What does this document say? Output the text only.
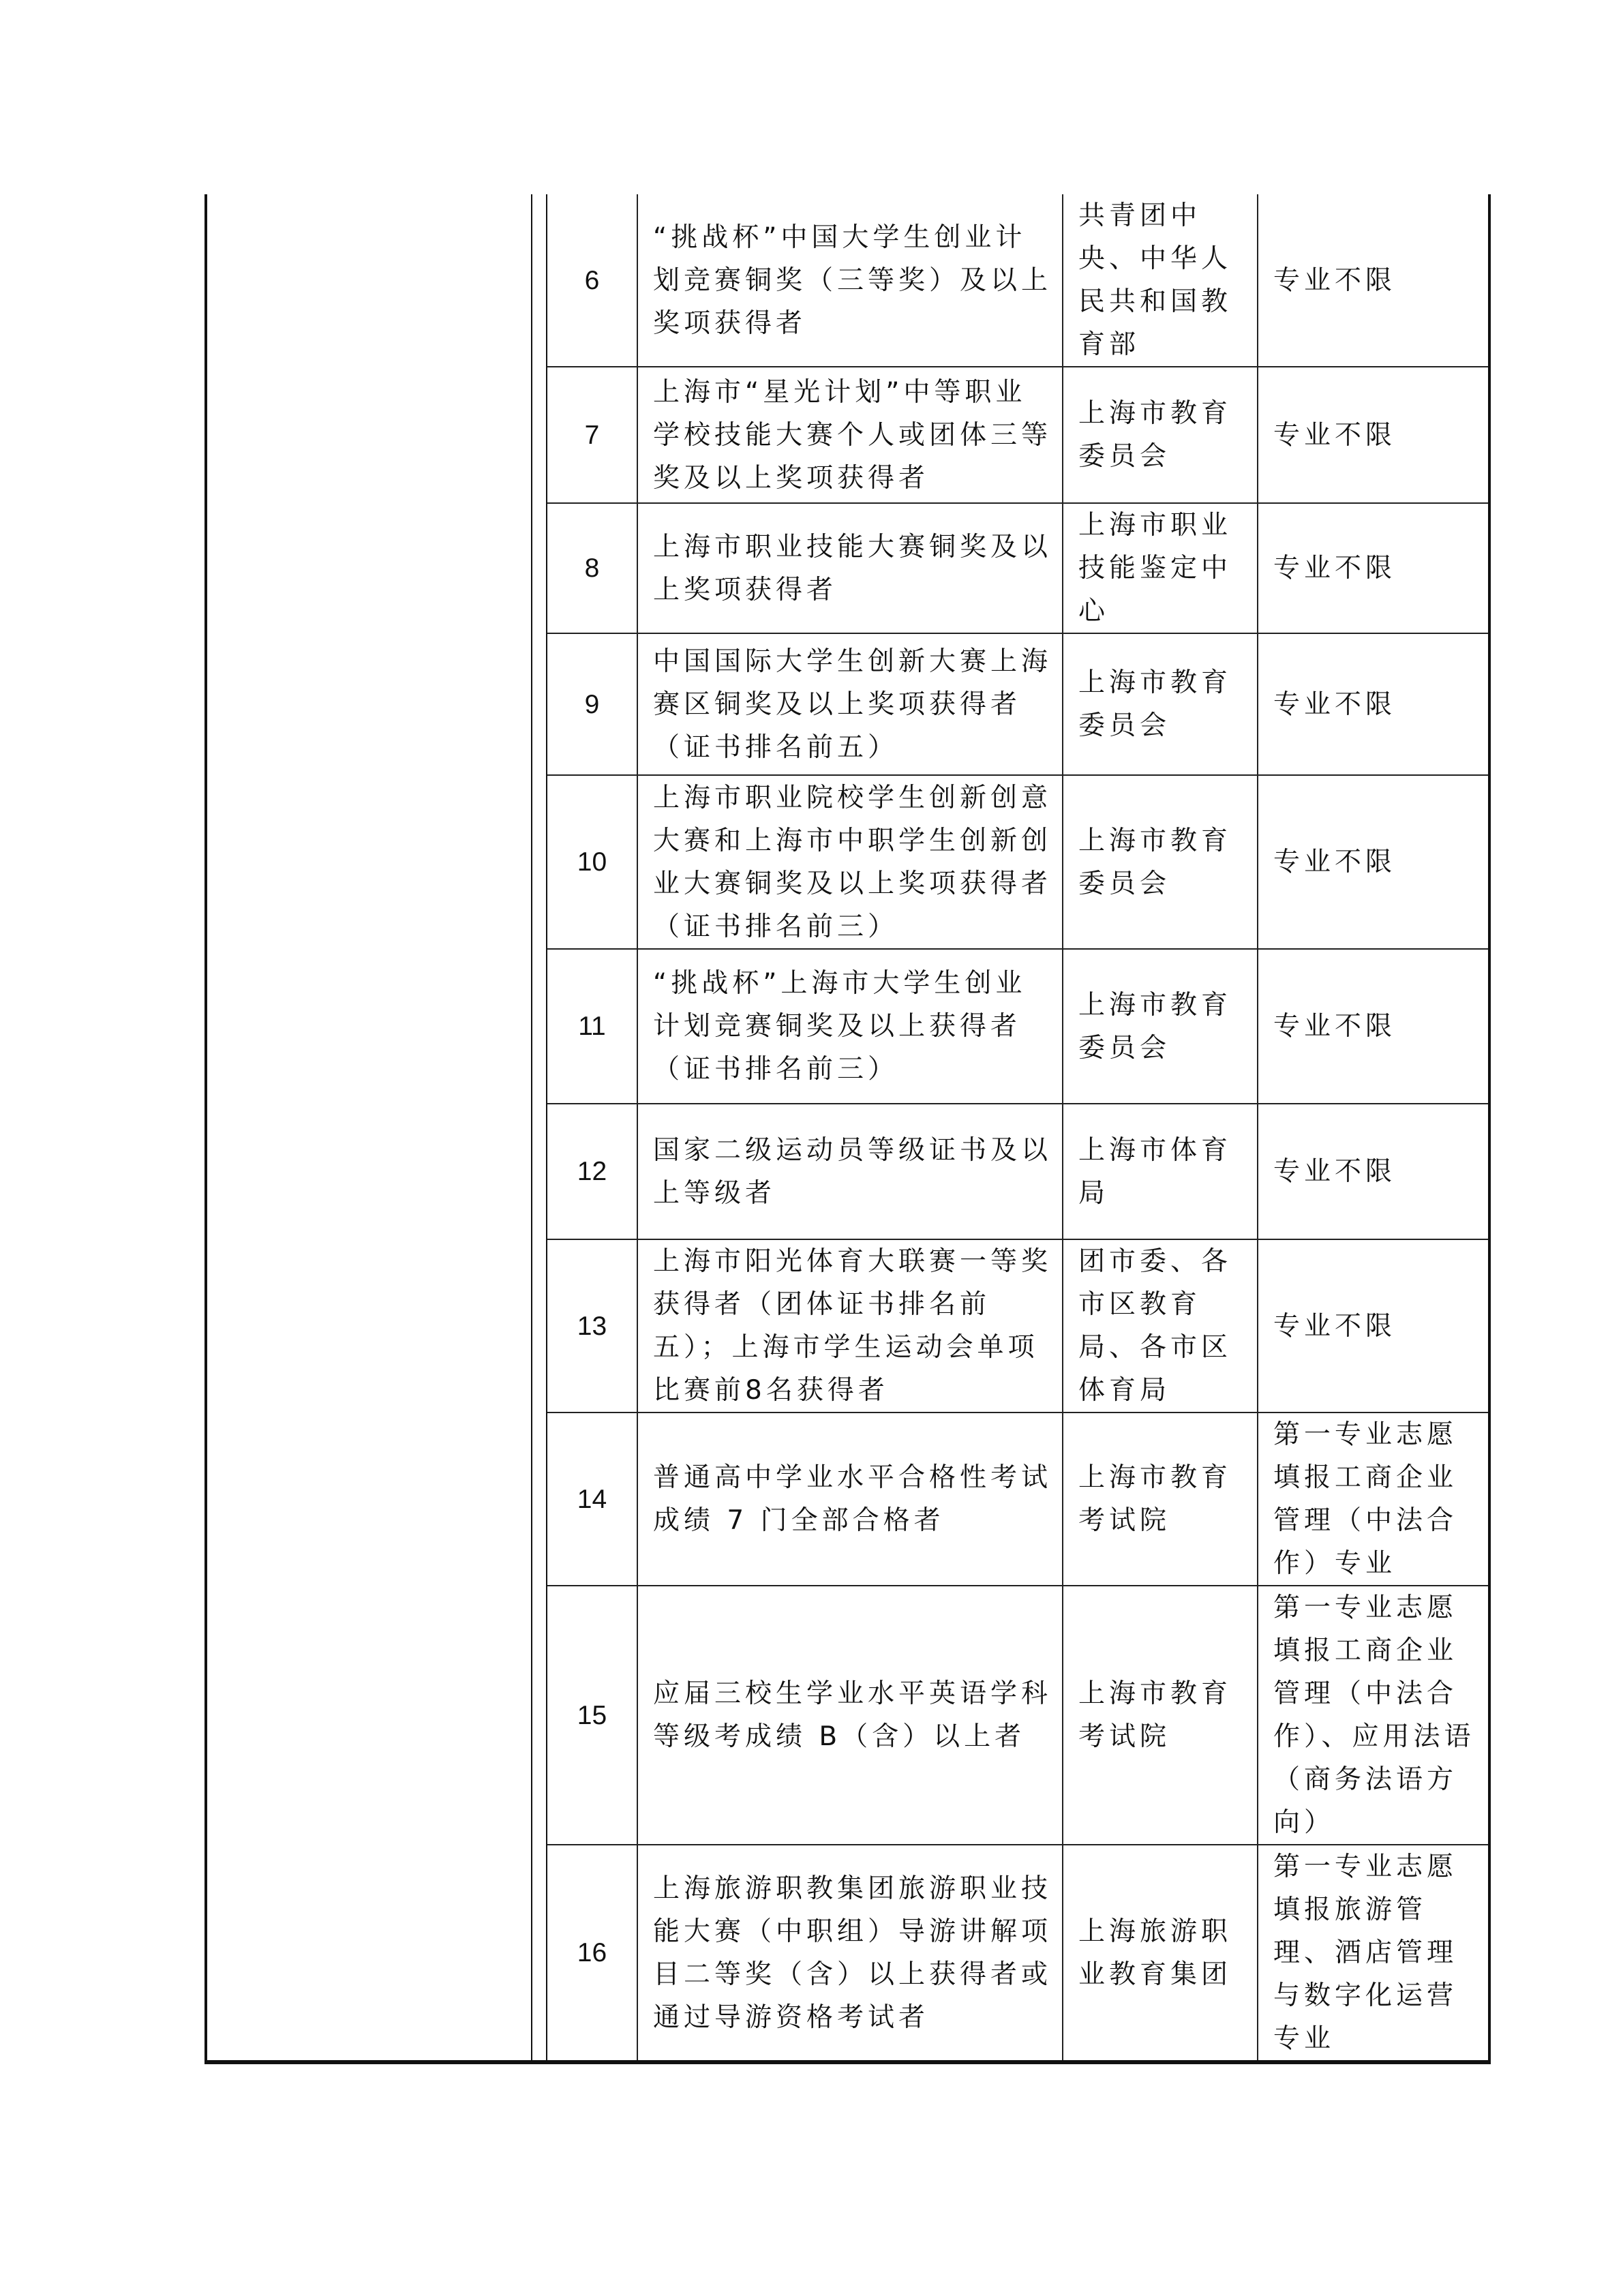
		6	“挑战杯”中国大学生创业计划竞赛铜奖（三等奖）及以上奖项获得者	共青团中央、中华人民共和国教育部	专业不限
		7	上海市“星光计划”中等职业学校技能大赛个人或团体三等奖及以上奖项获得者	上海市教育委员会	专业不限
		8	上海市职业技能大赛铜奖及以上奖项获得者	上海市职业技能鉴定中心	专业不限
		9	中国国际大学生创新大赛上海赛区铜奖及以上奖项获得者（证书排名前五）	上海市教育委员会	专业不限
		10	上海市职业院校学生创新创意大赛和上海市中职学生创新创业大赛铜奖及以上奖项获得者（证书排名前三）	上海市教育委员会	专业不限
		11	“挑战杯”上海市大学生创业计划竞赛铜奖及以上获得者（证书排名前三）	上海市教育委员会	专业不限
		12	国家二级运动员等级证书及以上等级者	上海市体育局	专业不限
		13	上海市阳光体育大联赛一等奖获得者（团体证书排名前五）；上海市学生运动会单项比赛前8名获得者	团市委、各市区教育局、各市区体育局	专业不限
		14	普通高中学业水平合格性考试成绩 7 门全部合格者	上海市教育考试院	第一专业志愿填报工商企业管理（中法合作）专业
		15	应届三校生学业水平英语学科等级考成绩 B（含）以上者	上海市教育考试院	第一专业志愿填报工商企业管理（中法合作）、应用法语（商务法语方向）
		16	上海旅游职教集团旅游职业技能大赛（中职组）导游讲解项目二等奖（含）以上获得者或通过导游资格考试者	上海旅游职业教育集团	第一专业志愿填报旅游管理、酒店管理与数字化运营专业
